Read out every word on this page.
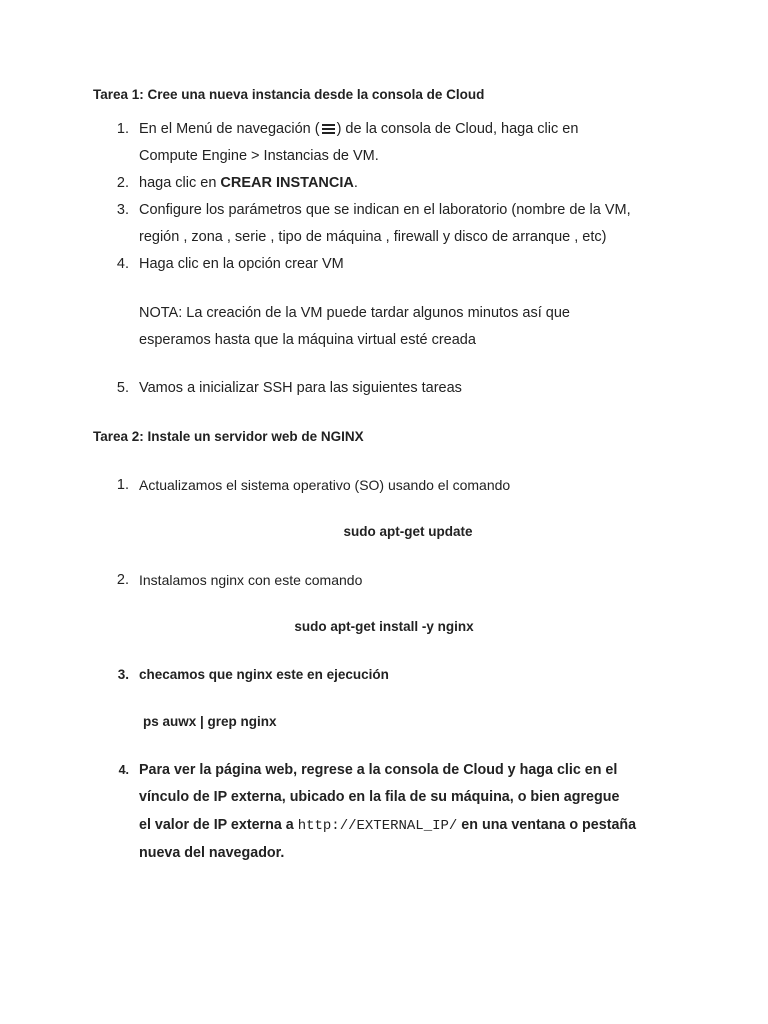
Tarea 1: Cree una nueva instancia desde la consola de Cloud
1. En el Menú de navegación ( ) de la consola de Cloud, haga clic en
Compute Engine > Instancias de VM.
2. haga clic en CREAR INSTANCIA.
3. Configure los parámetros que se indican en el laboratorio (nombre de la VM,
región , zona , serie , tipo de máquina , firewall y disco de arranque , etc)
4. Haga clic en la opción crear VM
NOTA: La creación de la VM puede tardar algunos minutos así que
esperamos hasta que la máquina virtual esté creada
5. Vamos a inicializar SSH para las siguientes tareas
Tarea 2: Instale un servidor web de NGINX
1. Actualizamos el sistema operativo (SO) usando el comando
sudo apt-get update
2. Instalamos nginx con este comando
sudo apt-get install -y nginx
3. checamos que nginx este en ejecución
ps auwx | grep nginx
4. Para ver la página web, regrese a la consola de Cloud y haga clic en el
vínculo de IP externa, ubicado en la fila de su máquina, o bien agregue
el valor de IP externa a http://EXTERNAL_IP/ en una ventana o pestaña
nueva del navegador.
